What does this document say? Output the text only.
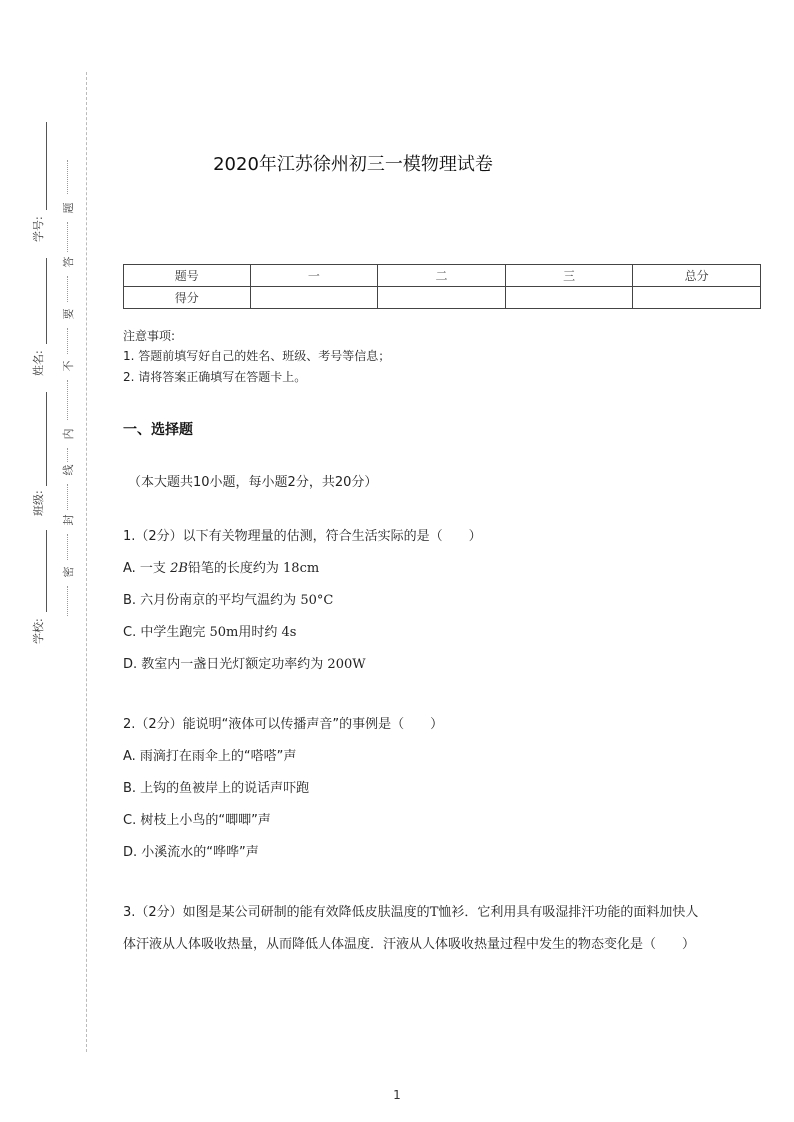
学号:
姓名:
班级:
学校:
题
答
要
不
内
线
封
密
2020年江苏徐州初三一模物理试卷
题号	一	二	三	总分
得分				
注意事项:
1. 答题前填写好自己的姓名、班级、考号等信息；
2. 请将答案正确填写在答题卡上。
一、选择题
（本大题共10小题，每小题2分，共20分）
1.（2分）以下有关物理量的估测，符合生活实际的是（　　）
A. 一支 2B铅笔的长度约为 18cm
B. 六月份南京的平均气温约为 50°C
C. 中学生跑完 50m用时约 4s
D. 教室内一盏日光灯额定功率约为 200W
2.（2分）能说明“液体可以传播声音”的事例是（　　）
A. 雨滴打在雨伞上的“嗒嗒”声
B. 上钩的鱼被岸上的说话声吓跑
C. 树枝上小鸟的“唧唧”声
D. 小溪流水的“哗哗”声
3.（2分）如图是某公司研制的能有效降低皮肤温度的T恤衫．它利用具有吸湿排汗功能的面料加快人
体汗液从人体吸收热量，从而降低人体温度．汗液从人体吸收热量过程中发生的物态变化是（　　）
1
